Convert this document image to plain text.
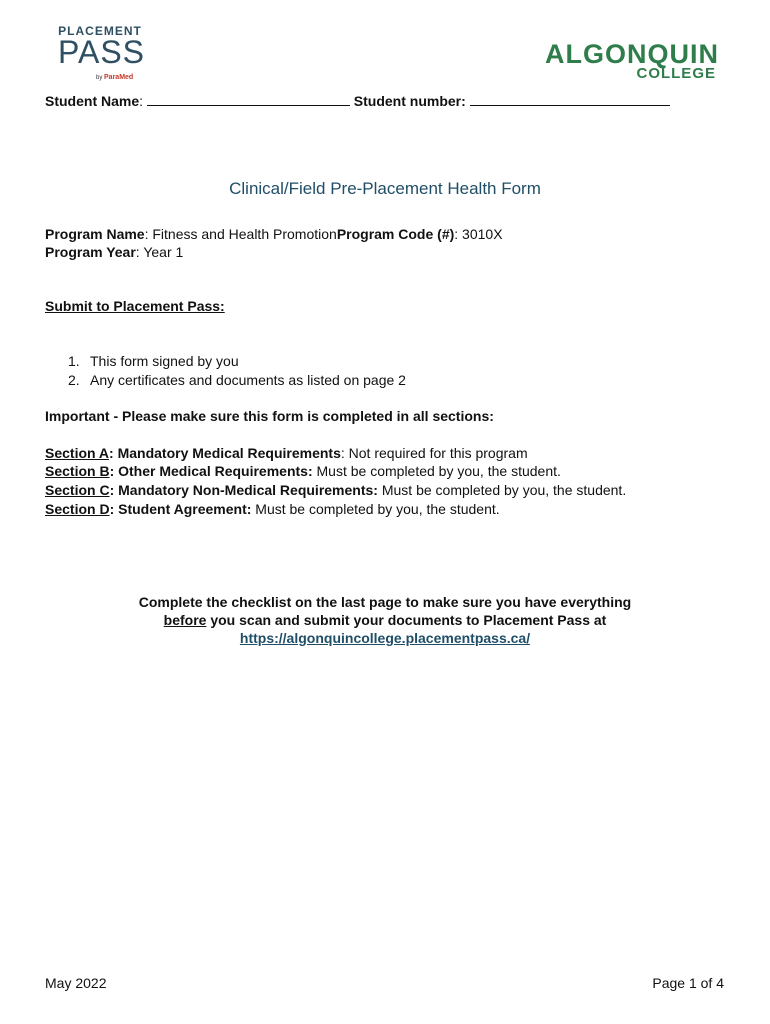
PLACEMENT
PASS
by ParaMed
ALGONQUIN
COLLEGE
Student Name:	Student number:
Clinical/Field Pre-Placement Health Form
Program Name: Fitness and Health PromotionProgram Code (#): 3010X
Program Year: Year 1
Submit to Placement Pass:
1. This form signed by you
2. Any certificates and documents as listed on page 2
Important - Please make sure this form is completed in all sections:
Section A: Mandatory Medical Requirements: Not required for this program
Section B: Other Medical Requirements: Must be completed by you, the student.
Section C: Mandatory Non-Medical Requirements: Must be completed by you, the student.
Section D: Student Agreement: Must be completed by you, the student.
Complete the checklist on the last page to make sure you have everything
before you scan and submit your documents to Placement Pass at
https://algonquincollege.placementpass.ca/
May 2022	Page 1 of 4
